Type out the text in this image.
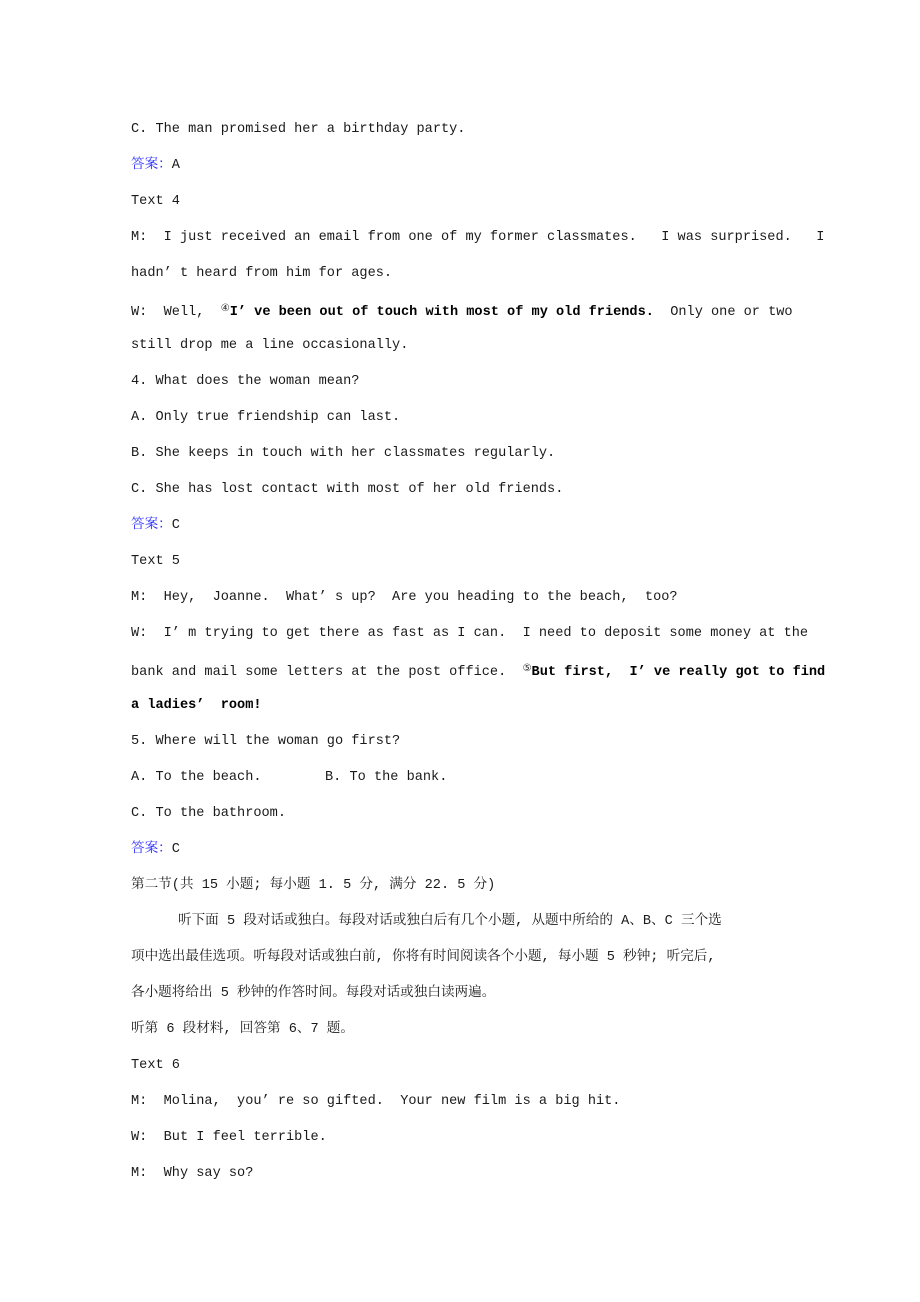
C. The man promised her a birthday party.
答案：A
Text 4
M:  I just received an email from one of my former classmates.   I was surprised.   I
hadn’ t heard from him for ages.
W:  Well,  ④I’ ve been out of touch with most of my old friends.  Only one or two
still drop me a line occasionally.
4. What does the woman mean?
A. Only true friendship can last.
B. She keeps in touch with her classmates regularly.
C. She has lost contact with most of her old friends.
答案：C
Text 5
M:  Hey,  Joanne.  What’ s up?  Are you heading to the beach,  too?
W:  I’ m trying to get there as fast as I can.  I need to deposit some money at the
bank and mail some letters at the post office.  ⑤But first,  I’ ve really got to find
a ladies’  room!
5. Where will the woman go first?
A. To the beach.	B. To the bank.
C. To the bathroom.
答案：C
第二节(共 15 小题; 每小题 1. 5 分, 满分 22. 5 分)
听下面 5 段对话或独白。每段对话或独白后有几个小题, 从题中所给的 A、B、C 三个选
项中选出最佳选项。听每段对话或独白前, 你将有时间阅读各个小题, 每小题 5 秒钟; 听完后,
各小题将给出 5 秒钟的作答时间。每段对话或独白读两遍。
听第 6 段材料, 回答第 6、7 题。
Text 6
M:  Molina,  you’ re so gifted.  Your new film is a big hit.
W:  But I feel terrible.
M:  Why say so?
